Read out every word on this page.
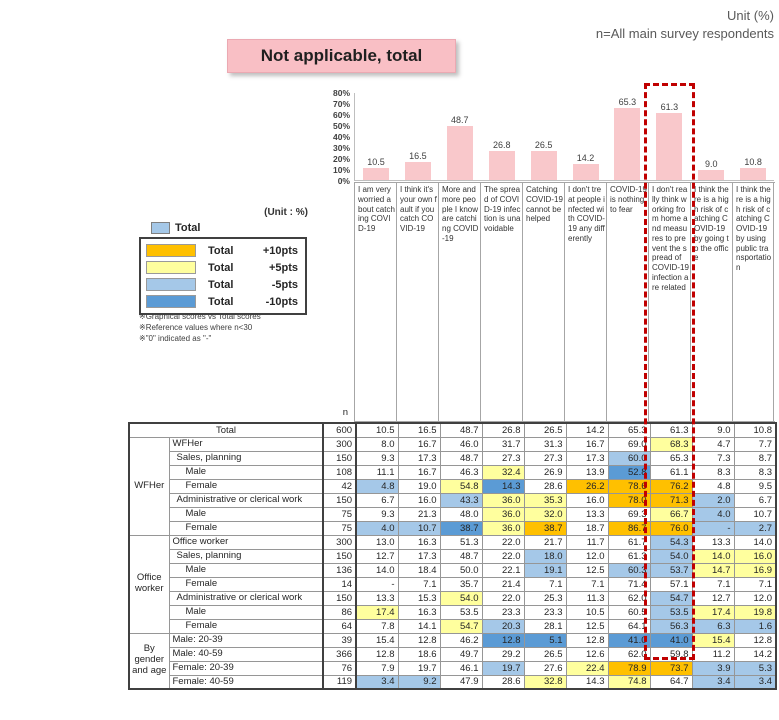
Unit (%)
n=All main survey respondents
Not applicable, total
(Unit : %)
Total
Total	+10pts
Total	+5pts
Total	-5pts
Total	-10pts
※Graphical scores vs Total scores
※Reference values where n<30
※"0" indicated as "-"
80%
70%
60%
50%
40%
30%
20%
10%
0%
10.5
16.5
48.7
26.8	26.5
14.2
65.3	61.3
9.0	10.8
I am very worried about catching COVID-19
I think it's your own fault if you catch COVID-19
More and more people I know are catching COVID-19
The spread of COVID-19 infection is unavoidable
Catching COVID-19 cannot be helped
I don't treat people infected with COVID-19 any differently
COVID-19 is nothing to fear
I don't really think working from home and measures to prevent the spread of COVID-19 infection are related
I think there is a high risk of catching COVID-19 by going to the office
I think there is a high risk of catching COVID-19 by using public transportation
n
Total		600	10.5	16.5	48.7	26.8	26.5	14.2	65.3	61.3	9.0	10.8
WFHer	WFHer	300	8.0	16.7	46.0	31.7	31.3	16.7	69.0	68.3	4.7	7.7
	Sales, planning	150	9.3	17.3	48.7	27.3	27.3	17.3	60.0	65.3	7.3	8.7
	Male	108	11.1	16.7	46.3	32.4	26.9	13.9	52.8	61.1	8.3	8.3
	Female	42	4.8	19.0	54.8	14.3	28.6	26.2	78.6	76.2	4.8	9.5
	Administrative or clerical work	150	6.7	16.0	43.3	36.0	35.3	16.0	78.0	71.3	2.0	6.7
	Male	75	9.3	21.3	48.0	36.0	32.0	13.3	69.3	66.7	4.0	10.7
	Female	75	4.0	10.7	38.7	36.0	38.7	18.7	86.7	76.0	-	2.7
Office worker	Office worker	300	13.0	16.3	51.3	22.0	21.7	11.7	61.7	54.3	13.3	14.0
	Sales, planning	150	12.7	17.3	48.7	22.0	18.0	12.0	61.3	54.0	14.0	16.0
	Male	136	14.0	18.4	50.0	22.1	19.1	12.5	60.3	53.7	14.7	16.9
	Female	14	-	7.1	35.7	21.4	7.1	7.1	71.4	57.1	7.1	7.1
	Administrative or clerical work	150	13.3	15.3	54.0	22.0	25.3	11.3	62.0	54.7	12.7	12.0
	Male	86	17.4	16.3	53.5	23.3	23.3	10.5	60.5	53.5	17.4	19.8
	Female	64	7.8	14.1	54.7	20.3	28.1	12.5	64.1	56.3	6.3	1.6
By gender and age	Male: 20-39	39	15.4	12.8	46.2	12.8	5.1	12.8	41.0	41.0	15.4	12.8
	Male: 40-59	366	12.8	18.6	49.7	29.2	26.5	12.6	62.0	59.8	11.2	14.2
	Female: 20-39	76	7.9	19.7	46.1	19.7	27.6	22.4	78.9	73.7	3.9	5.3
	Female: 40-59	119	3.4	9.2	47.9	28.6	32.8	14.3	74.8	64.7	3.4	3.4
